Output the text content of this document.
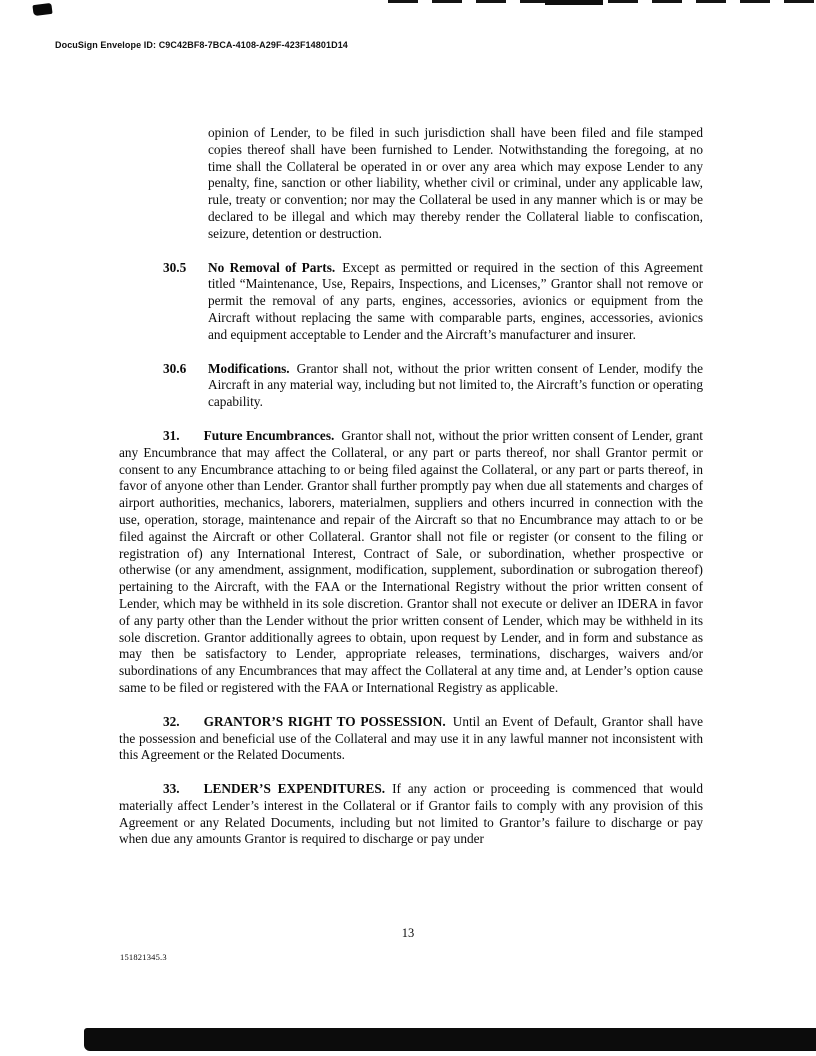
DocuSign Envelope ID: C9C42BF8-7BCA-4108-A29F-423F14801D14

opinion of Lender, to be filed in such jurisdiction shall have been filed and file stamped copies thereof shall have been furnished to Lender. Notwithstanding the foregoing, at no time shall the Collateral be operated in or over any area which may expose Lender to any penalty, fine, sanction or other liability, whether civil or criminal, under any applicable law, rule, treaty or convention; nor may the Collateral be used in any manner which is or may be declared to be illegal and which may thereby render the Collateral liable to confiscation, seizure, detention or destruction.

30.5	No Removal of Parts. Except as permitted or required in the section of this Agreement titled “Maintenance, Use, Repairs, Inspections, and Licenses,” Grantor shall not remove or permit the removal of any parts, engines, accessories, avionics or equipment from the Aircraft without replacing the same with comparable parts, engines, accessories, avionics and equipment acceptable to Lender and the Aircraft’s manufacturer and insurer.
30.6	Modifications. Grantor shall not, without the prior written consent of Lender, modify the Aircraft in any material way, including but not limited to, the Aircraft’s function or operating capability.

31. Future Encumbrances. Grantor shall not, without the prior written consent of Lender, grant any Encumbrance that may affect the Collateral, or any part or parts thereof, nor shall Grantor permit or consent to any Encumbrance attaching to or being filed against the Collateral, or any part or parts thereof, in favor of anyone other than Lender. Grantor shall further promptly pay when due all statements and charges of airport authorities, mechanics, laborers, materialmen, suppliers and others incurred in connection with the use, operation, storage, maintenance and repair of the Aircraft so that no Encumbrance may attach to or be filed against the Aircraft or other Collateral. Grantor shall not file or register (or consent to the filing or registration of) any International Interest, Contract of Sale, or subordination, whether prospective or otherwise (or any amendment, assignment, modification, supplement, subordination or subrogation thereof) pertaining to the Aircraft, with the FAA or the International Registry without the prior written consent of Lender, which may be withheld in its sole discretion. Grantor shall not execute or deliver an IDERA in favor of any party other than the Lender without the prior written consent of Lender, which may be withheld in its sole discretion. Grantor additionally agrees to obtain, upon request by Lender, and in form and substance as may then be satisfactory to Lender, appropriate releases, terminations, discharges, waivers and/or subordinations of any Encumbrances that may affect the Collateral at any time and, at Lender’s option cause same to be filed or registered with the FAA or International Registry as applicable.

32. GRANTOR’S RIGHT TO POSSESSION. Until an Event of Default, Grantor shall have the possession and beneficial use of the Collateral and may use it in any lawful manner not inconsistent with this Agreement or the Related Documents.

33. LENDER’S EXPENDITURES. If any action or proceeding is commenced that would materially affect Lender’s interest in the Collateral or if Grantor fails to comply with any provision of this Agreement or any Related Documents, including but not limited to Grantor’s failure to discharge or pay when due any amounts Grantor is required to discharge or pay under

13
151821345.3
